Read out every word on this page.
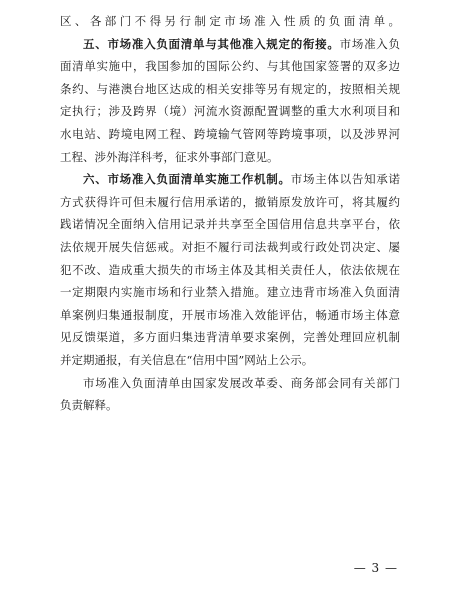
区、各部门不得另行制定市场准入性质的负面清单。
五、市场准入负面清单与其他准入规定的衔接。市场准入负
面清单实施中，我国参加的国际公约、与其他国家签署的双多边
条约、与港澳台地区达成的相关安排等另有规定的，按照相关规
定执行；涉及跨界（境）河流水资源配置调整的重大水利项目和
水电站、跨境电网工程、跨境输气管网等跨境事项，以及涉界河
工程、涉外海洋科考，征求外事部门意见。
六、市场准入负面清单实施工作机制。市场主体以告知承诺
方式获得许可但未履行信用承诺的，撤销原发放许可，将其履约
践诺情况全面纳入信用记录并共享至全国信用信息共享平台，依
法依规开展失信惩戒。对拒不履行司法裁判或行政处罚决定、屡
犯不改、造成重大损失的市场主体及其相关责任人，依法依规在
一定期限内实施市场和行业禁入措施。建立违背市场准入负面清
单案例归集通报制度，开展市场准入效能评估，畅通市场主体意
见反馈渠道，多方面归集违背清单要求案例，完善处理回应机制
并定期通报，有关信息在“信用中国”网站上公示。
市场准入负面清单由国家发展改革委、商务部会同有关部门
负责解释。
— 3 —
